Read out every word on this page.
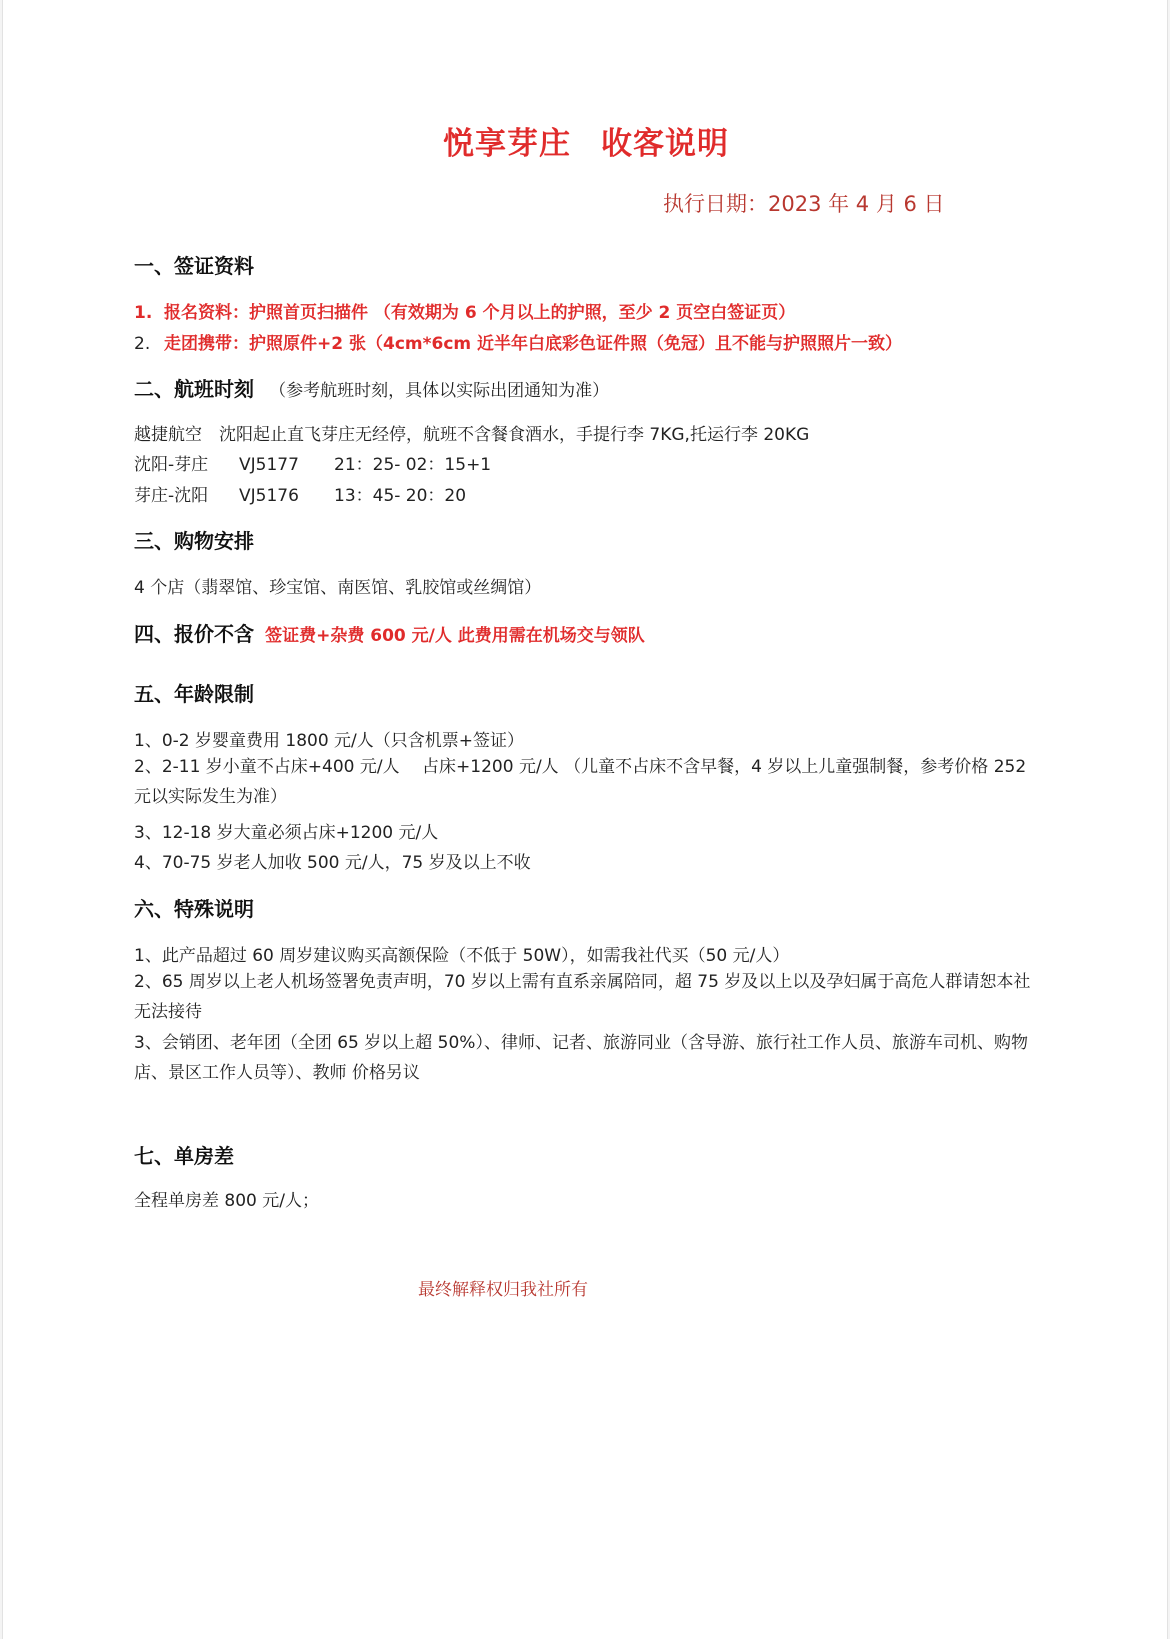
悦享芽庄 收客说明
执行日期：2023 年 4 月 6 日
一、签证资料
1. 报名资料：护照首页扫描件 （有效期为 6 个月以上的护照，至少 2 页空白签证页）
2. 走团携带：护照原件+2 张（4cm*6cm 近半年白底彩色证件照（免冠）且不能与护照照片一致）
二、航班时刻 （参考航班时刻，具体以实际出团通知为准）
越捷航空　沈阳起止直飞芽庄无经停，航班不含餐食酒水，手提行李 7KG,托运行李 20KG
沈阳-芽庄 VJ5177 21：25- 02：15+1
芽庄-沈阳 VJ5176 13：45- 20：20
三、购物安排
4 个店（翡翠馆、珍宝馆、南医馆、乳胶馆或丝绸馆）
四、报价不含 签证费+杂费 600 元/人 此费用需在机场交与领队
五、年龄限制
1、0-2 岁婴童费用 1800 元/人（只含机票+签证）
2、2-11 岁小童不占床+400 元/人　 占床+1200 元/人 （儿童不占床不含早餐，4 岁以上儿童强制餐，参考价格 252 元以实际发生为准）
3、12-18 岁大童必须占床+1200 元/人
4、70-75 岁老人加收 500 元/人，75 岁及以上不收
六、特殊说明
1、此产品超过 60 周岁建议购买高额保险（不低于 50W），如需我社代买（50 元/人）
2、65 周岁以上老人机场签署免责声明，70 岁以上需有直系亲属陪同，超 75 岁及以上以及孕妇属于高危人群请恕本社无法接待
3、会销团、老年团（全团 65 岁以上超 50%）、律师、记者、旅游同业（含导游、旅行社工作人员、旅游车司机、购物店、景区工作人员等）、教师 价格另议
七、单房差
全程单房差 800 元/人；
最终解释权归我社所有
